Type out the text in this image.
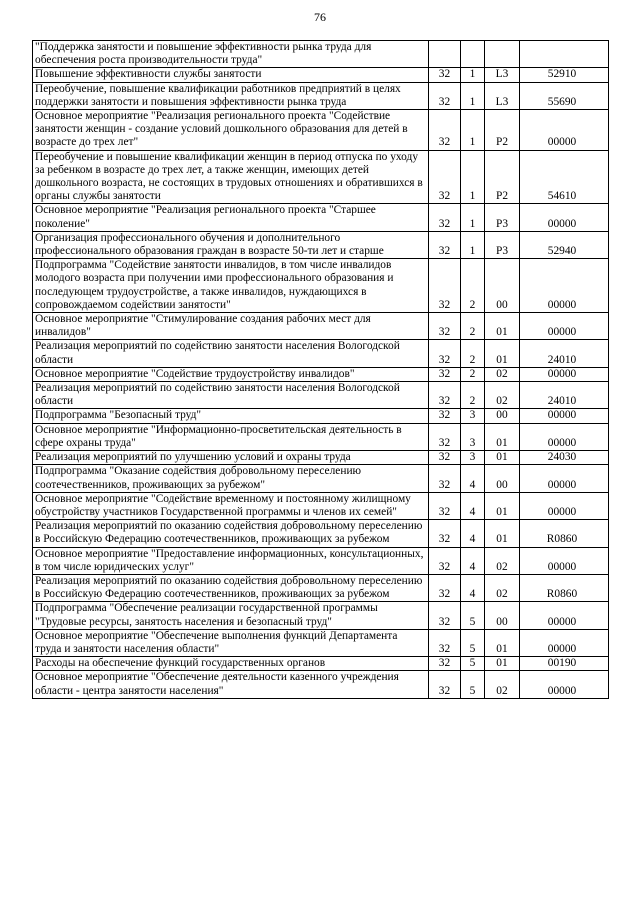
76
"Поддержка занятости и повышение эффективности рынка труда для обеспечения роста производительности труда"				
Повышение эффективности службы занятости	32	1	L3	52910
Переобучение, повышение квалификации работников предприятий в целях поддержки занятости и повышения эффективности рынка труда	32	1	L3	55690
Основное мероприятие "Реализация регионального проекта "Содействие занятости женщин - создание условий дошкольного образования для детей в возрасте до трех лет"	32	1	P2	00000
Переобучение и повышение квалификации женщин в период отпуска по уходу за ребенком в возрасте до трех лет, а также женщин, имеющих детей дошкольного возраста, не состоящих в трудовых отношениях и обратившихся в органы службы занятости	32	1	P2	54610
Основное мероприятие "Реализация регионального проекта "Старшее поколение"	32	1	P3	00000
Организация профессионального обучения и дополнительного профессионального образования граждан в возрасте 50-ти лет и старше	32	1	P3	52940
Подпрограмма "Содействие занятости инвалидов, в том числе инвалидов молодого возраста при получении ими профессионального образования и последующем трудоустройстве, а также инвалидов, нуждающихся в сопровождаемом содействии занятости"	32	2	00	00000
Основное мероприятие "Стимулирование создания рабочих мест для инвалидов"	32	2	01	00000
Реализация мероприятий по содействию занятости населения Вологодской области	32	2	01	24010
Основное мероприятие "Содействие трудоустройству инвалидов"	32	2	02	00000
Реализация мероприятий по содействию занятости населения Вологодской области	32	2	02	24010
Подпрограмма "Безопасный труд"	32	3	00	00000
Основное мероприятие "Информационно-просветительская деятельность в сфере охраны труда"	32	3	01	00000
Реализация мероприятий по улучшению условий и охраны труда	32	3	01	24030
Подпрограмма "Оказание содействия добровольному переселению соотечественников, проживающих за рубежом"	32	4	00	00000
Основное мероприятие "Содействие временному и постоянному жилищному обустройству участников Государственной программы и членов их семей"	32	4	01	00000
Реализация мероприятий по оказанию содействия добровольному переселению в Российскую Федерацию соотечественников, проживающих за рубежом	32	4	01	R0860
Основное мероприятие "Предоставление информационных, консультационных, в том числе юридических услуг"	32	4	02	00000
Реализация мероприятий по оказанию содействия добровольному переселению в Российскую Федерацию соотечественников, проживающих за рубежом	32	4	02	R0860
Подпрограмма "Обеспечение реализации государственной программы "Трудовые ресурсы, занятость населения и безопасный труд"	32	5	00	00000
Основное мероприятие "Обеспечение выполнения функций Департамента труда и занятости населения области"	32	5	01	00000
Расходы на обеспечение функций государственных органов	32	5	01	00190
Основное мероприятие "Обеспечение деятельности казенного учреждения области - центра занятости населения"	32	5	02	00000
